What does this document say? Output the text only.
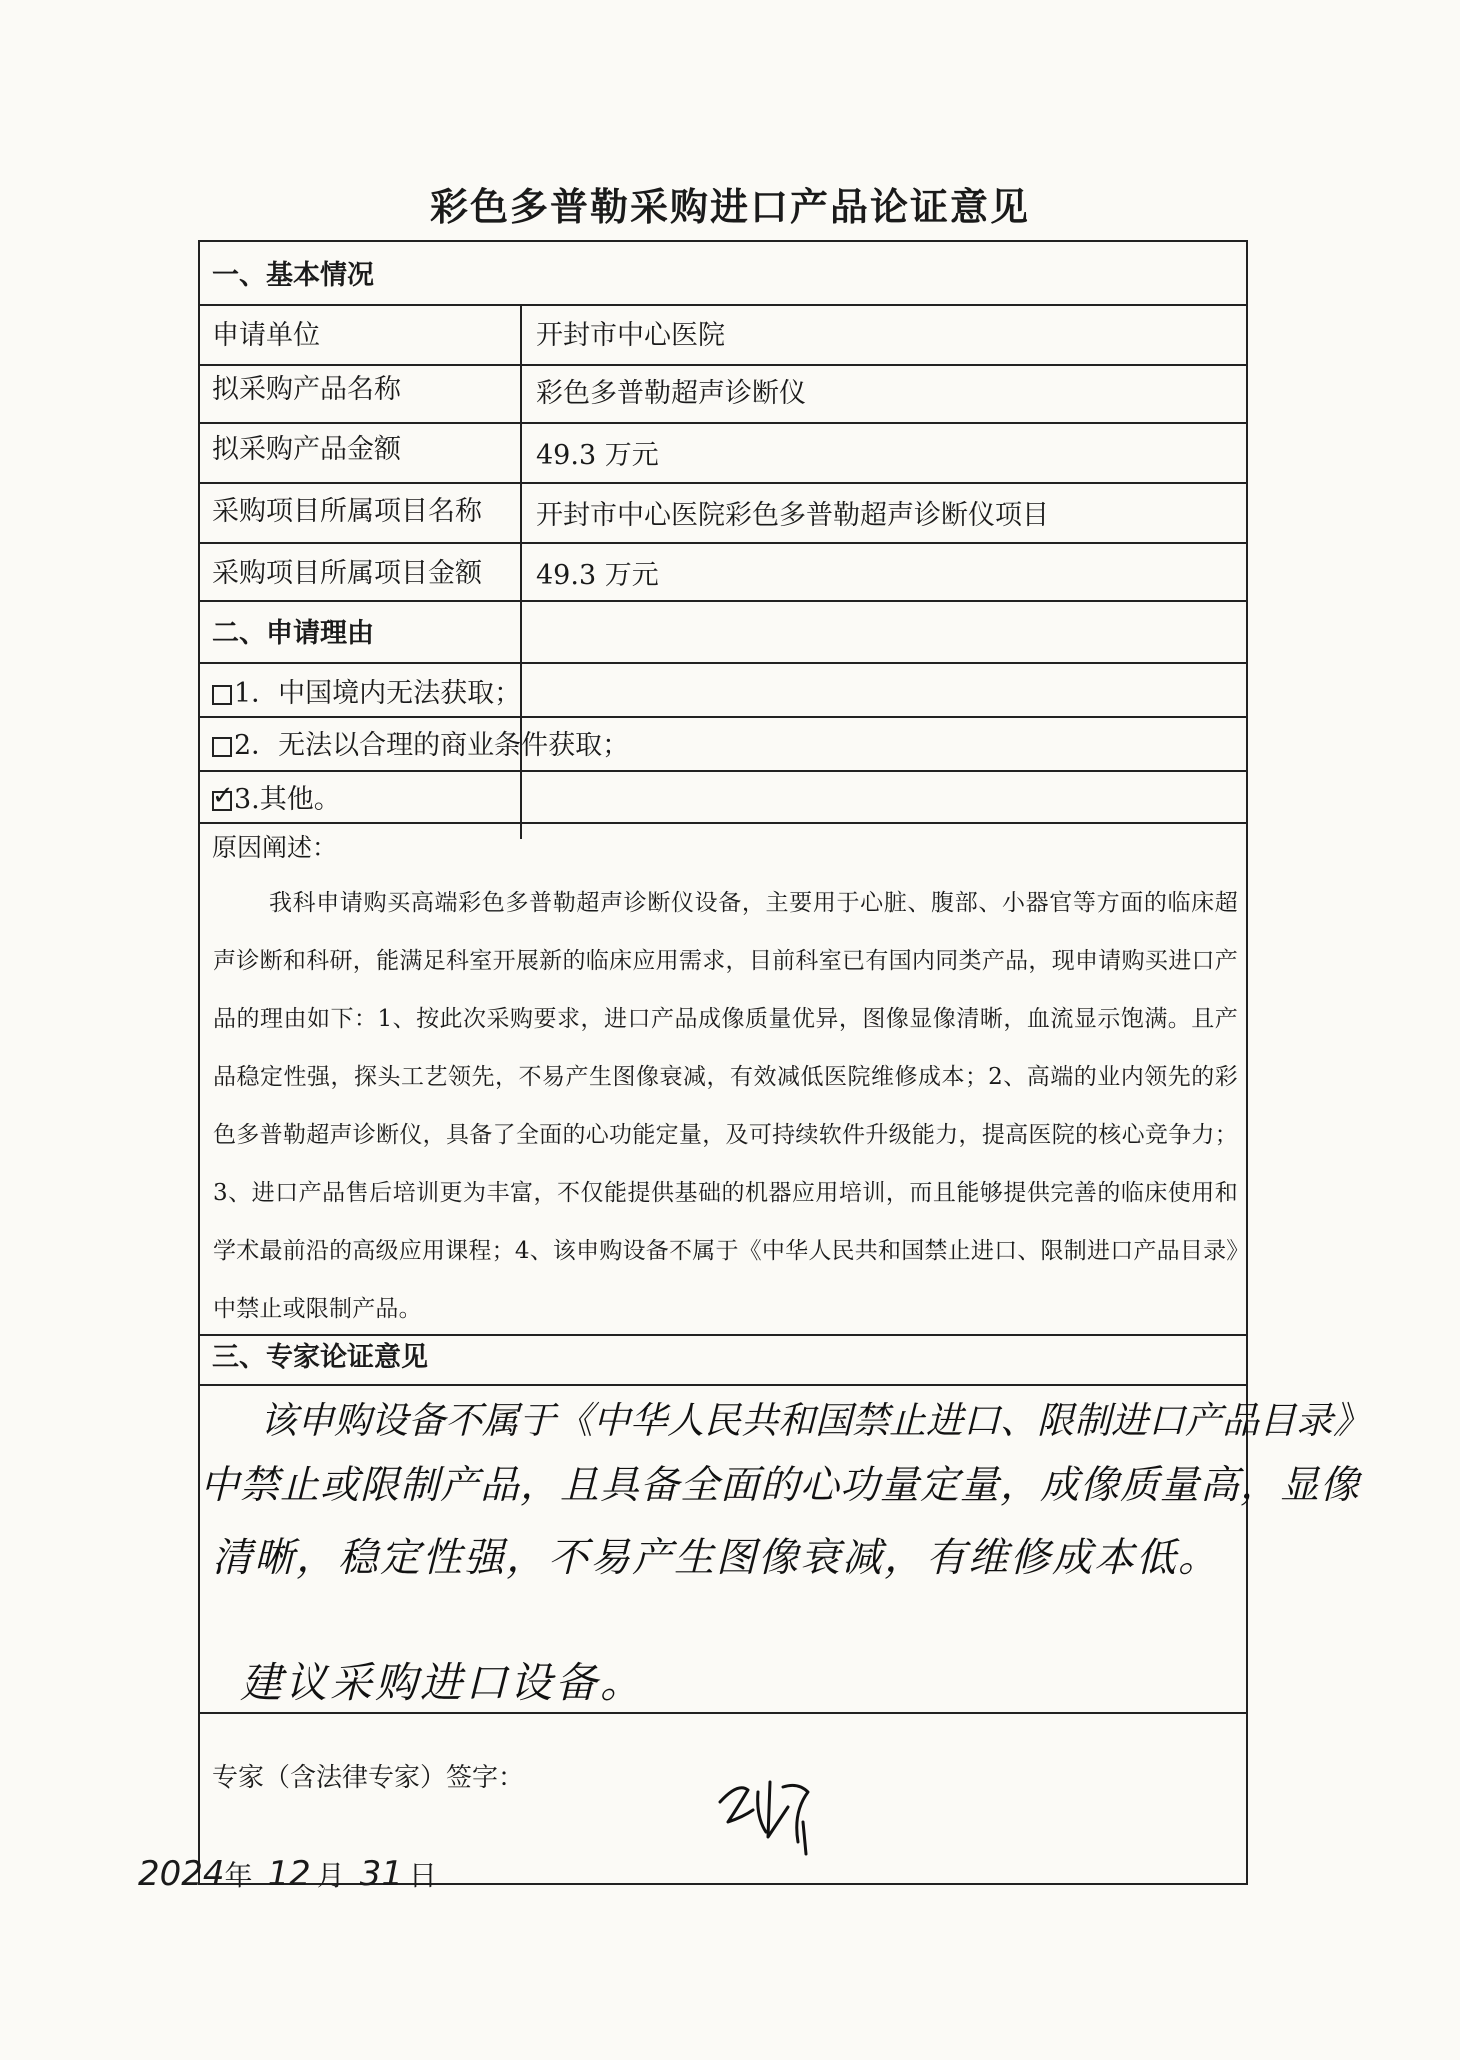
彩色多普勒采购进口产品论证意见
一、基本情况
申请单位	开封市中心医院
拟采购产品名称	彩色多普勒超声诊断仪
拟采购产品金额	49.3 万元
采购项目所属项目名称 开封市中心医院彩色多普勒超声诊断仪项目
采购项目所属项目金额 49.3 万元
二、申请理由
1．中国境内无法获取；
2．无法以合理的商业条件获取；
✓ 3.其他。
原因阐述：
我科申请购买高端彩色多普勒超声诊断仪设备，主要用于心脏、腹部、小器官等方面的临床超声诊断和科研，能满足科室开展新的临床应用需求，目前科室已有国内同类产品，现申请购买进口产品的理由如下：1、按此次采购要求，进口产品成像质量优异，图像显像清晰，血流显示饱满。且产品稳定性强，探头工艺领先，不易产生图像衰减，有效减低医院维修成本；2、高端的业内领先的彩色多普勒超声诊断仪，具备了全面的心功能定量，及可持续软件升级能力，提高医院的核心竞争力；3、进口产品售后培训更为丰富，不仅能提供基础的机器应用培训，而且能够提供完善的临床使用和学术最前沿的高级应用课程；4、该申购设备不属于《中华人民共和国禁止进口、限制进口产品目录》中禁止或限制产品。
三、专家论证意见
该申购设备不属于《中华人民共和国禁止进口、限制进口产品目录》
中禁止或限制产品，且具备全面的心功量定量，成像质量高，显像
清晰，稳定性强，不易产生图像衰减，有维修成本低。
建议采购进口设备。
专家（含法律专家）签字：
2024年 12 月 31 日
